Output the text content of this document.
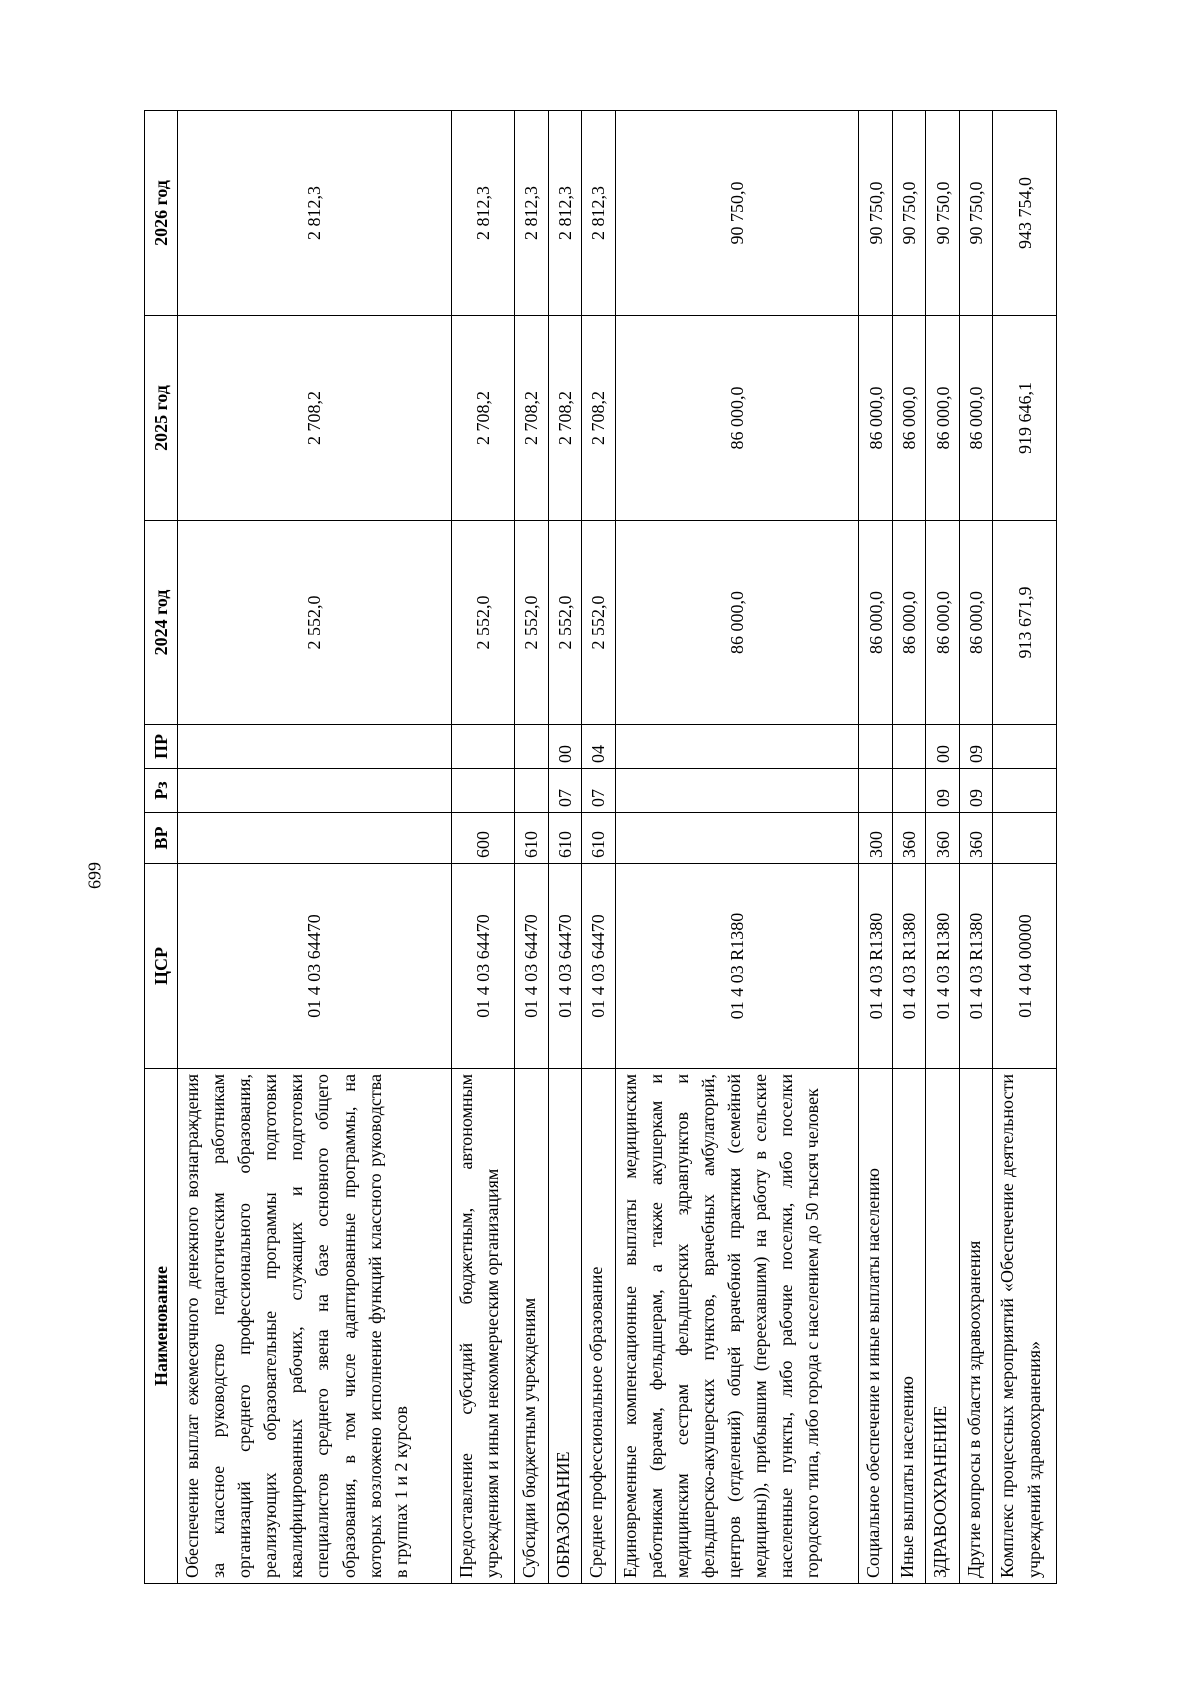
699
Наименование	ЦСР	ВР	Рз	ПР	2024 год	2025 год	2026 год
Обеспечение выплат ежемесячного денежного вознаграждения за классное руководство педагогическим работникам организаций среднего профессионального образования, реализующих образовательные программы подготовки квалифицированных рабочих, служащих и подготовки специалистов среднего звена на базе основного общего образования, в том числе адаптированные программы, на которых возложено исполнение функций классного руководства в группах 1 и 2 курсов	01 4 03 64470				2 552,0	2 708,2	2 812,3
Предоставление субсидий бюджетным, автономным учреждениям и иным некоммерческим организациям	01 4 03 64470	600			2 552,0	2 708,2	2 812,3
Субсидии бюджетным учреждениям	01 4 03 64470	610			2 552,0	2 708,2	2 812,3
ОБРАЗОВАНИЕ	01 4 03 64470	610	07	00	2 552,0	2 708,2	2 812,3
Среднее профессиональное образование	01 4 03 64470	610	07	04	2 552,0	2 708,2	2 812,3
Единовременные компенсационные выплаты медицинским работникам (врачам, фельдшерам, а также акушеркам и медицинским сестрам фельдшерских здравпунктов и фельдшерско-акушерских пунктов, врачебных амбулаторий, центров (отделений) общей врачебной практики (семейной медицины)), прибывшим (переехавшим) на работу в сельские населенные пункты, либо рабочие поселки, либо поселки городского типа, либо города с населением до 50 тысяч человек	01 4 03 R1380				86 000,0	86 000,0	90 750,0
Социальное обеспечение и иные выплаты населению	01 4 03 R1380	300			86 000,0	86 000,0	90 750,0
Иные выплаты населению	01 4 03 R1380	360			86 000,0	86 000,0	90 750,0
ЗДРАВООХРАНЕНИЕ	01 4 03 R1380	360	09	00	86 000,0	86 000,0	90 750,0
Другие вопросы в области здравоохранения	01 4 03 R1380	360	09	09	86 000,0	86 000,0	90 750,0
Комплекс процессных мероприятий «Обеспечение деятельности учреждений здравоохранения»	01 4 04 00000				913 671,9	919 646,1	943 754,0
